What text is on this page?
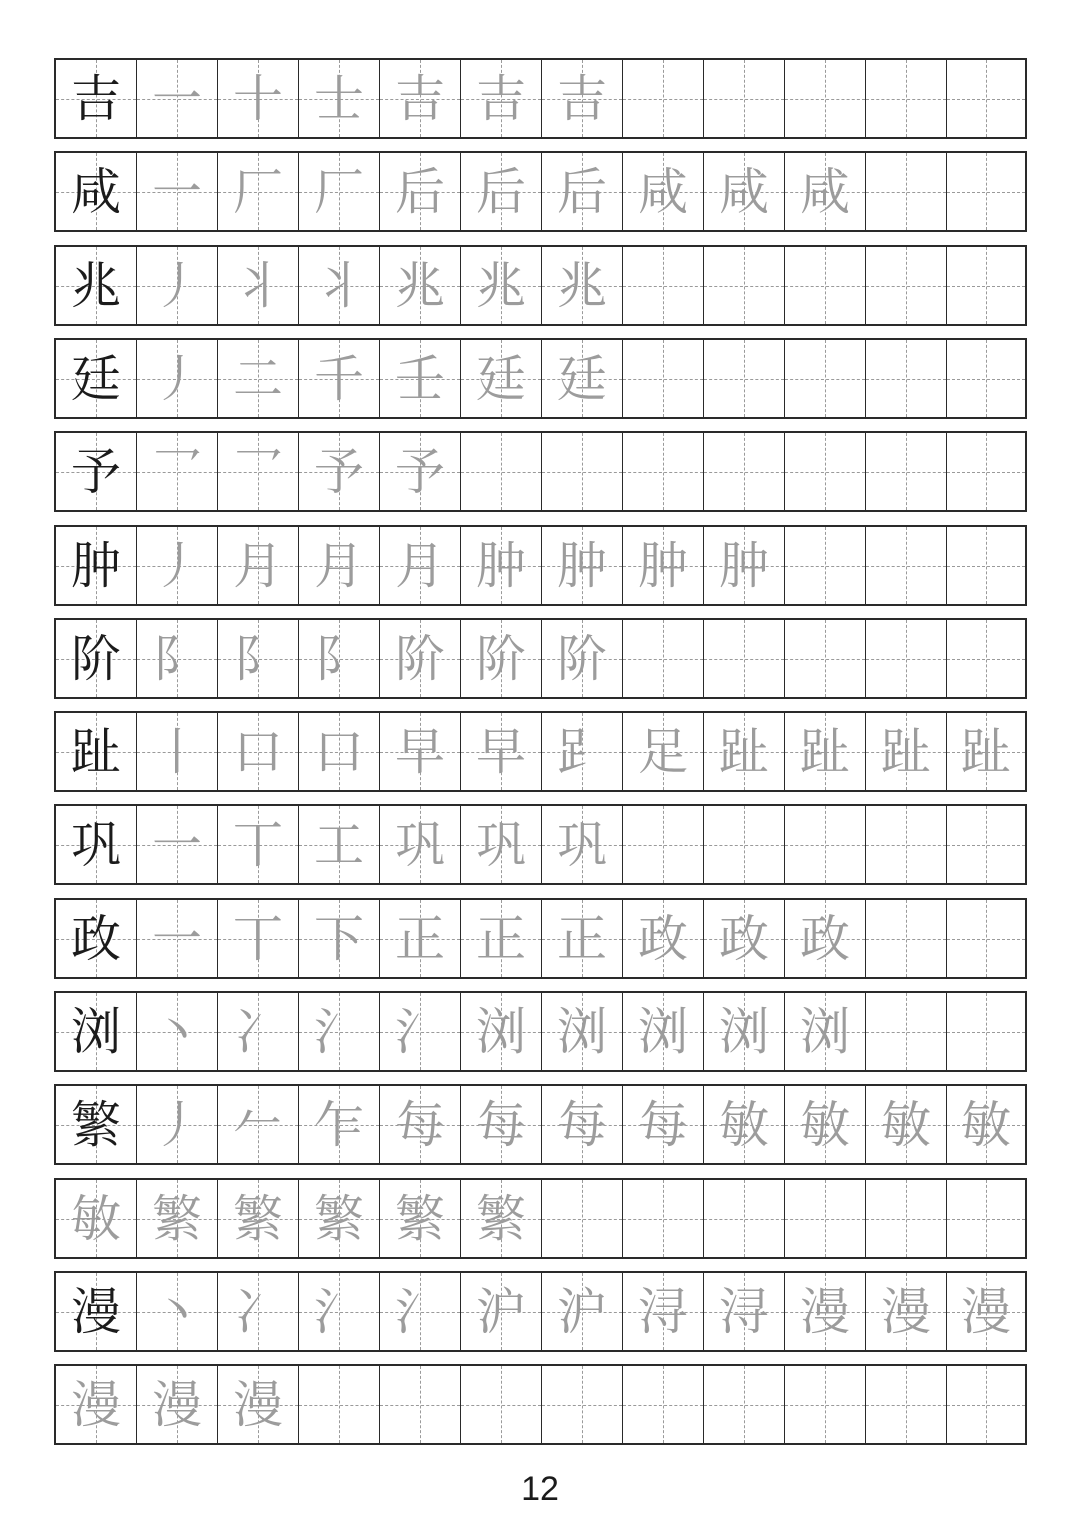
吉 一 十 士 吉 吉 吉
咸 一 厂 厂 后 后 后 咸 咸 咸
兆 丿 丬 丬 兆 兆 兆
廷 丿 二 千 壬 廷 廷
予 乛 乛 予 予
肿 丿 月 月 月 肿 肿 肿 肿
阶 阝 阝 阝 阶 阶 阶
趾 丨 口 口 早 早 𧾷 足 趾 趾 趾 趾
巩 一 丅 工 巩 巩 巩
政 一 丅 下 正 正 正 政 政 政
浏 丶 冫 氵 氵 浏 浏 浏 浏 浏
繁 丿 𠂉 乍 每 每 每 每 敏 敏 敏 敏
敏 繁 繁 繁 繁 繁
漫 丶 冫 氵 氵 沪 沪 浔 浔 漫 漫 漫
漫 漫 漫
12
